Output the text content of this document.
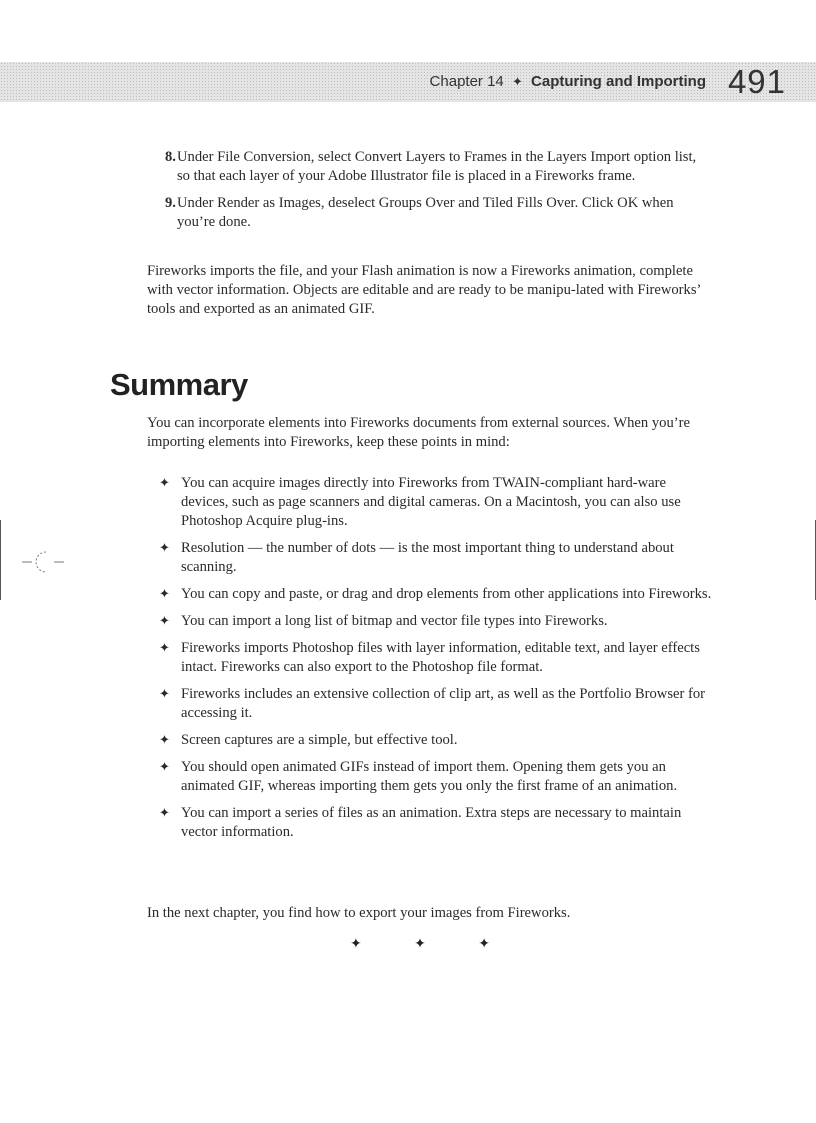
Chapter 14 ✦ Capturing and Importing 491
8. Under File Conversion, select Convert Layers to Frames in the Layers Import option list, so that each layer of your Adobe Illustrator file is placed in a Fireworks frame.
9. Under Render as Images, deselect Groups Over and Tiled Fills Over. Click OK when you’re done.
Fireworks imports the file, and your Flash animation is now a Fireworks animation, complete with vector information. Objects are editable and are ready to be manipu-lated with Fireworks’ tools and exported as an animated GIF.
Summary
You can incorporate elements into Fireworks documents from external sources. When you’re importing elements into Fireworks, keep these points in mind:
✦ You can acquire images directly into Fireworks from TWAIN-compliant hard-ware devices, such as page scanners and digital cameras. On a Macintosh, you can also use Photoshop Acquire plug-ins.
✦ Resolution — the number of dots — is the most important thing to understand about scanning.
✦ You can copy and paste, or drag and drop elements from other applications into Fireworks.
✦ You can import a long list of bitmap and vector file types into Fireworks.
✦ Fireworks imports Photoshop files with layer information, editable text, and layer effects intact. Fireworks can also export to the Photoshop file format.
✦ Fireworks includes an extensive collection of clip art, as well as the Portfolio Browser for accessing it.
✦ Screen captures are a simple, but effective tool.
✦ You should open animated GIFs instead of import them. Opening them gets you an animated GIF, whereas importing them gets you only the first frame of an animation.
✦ You can import a series of files as an animation. Extra steps are necessary to maintain vector information.
In the next chapter, you find how to export your images from Fireworks.
✦	✦	✦
